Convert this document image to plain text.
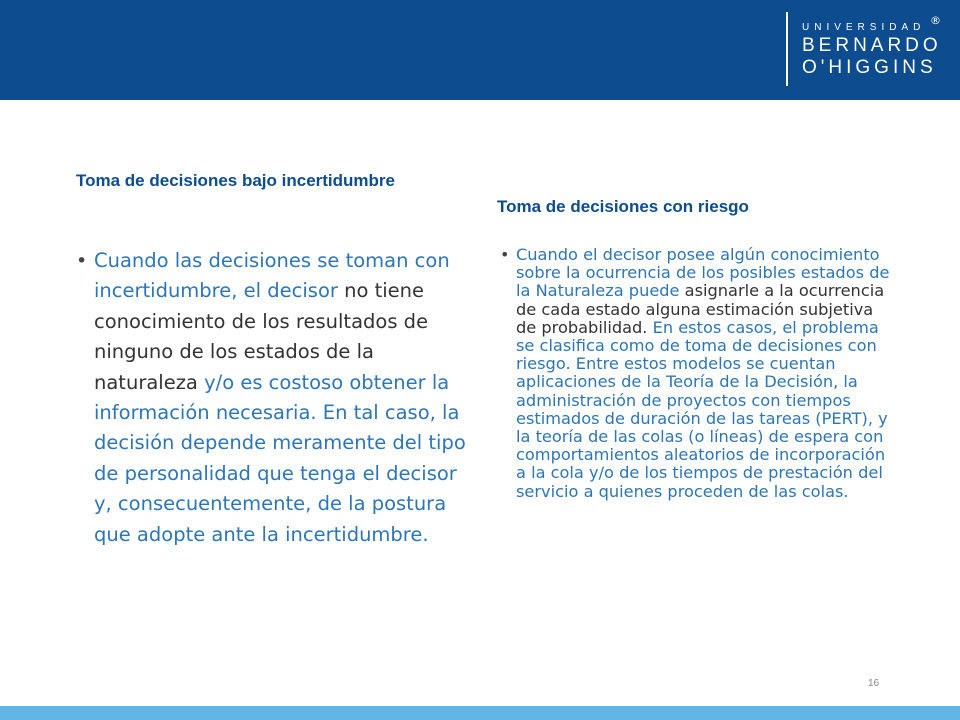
UNIVERSIDAD
BERNARDO
O'HIGGINS
®
Toma de decisiones bajo incertidumbre
Toma de decisiones con riesgo
• Cuando las decisiones se toman con incertidumbre, el decisor no tiene conocimiento de los resultados de ninguno de los estados de la naturaleza y/o es costoso obtener la información necesaria. En tal caso, la decisión depende meramente del tipo de personalidad que tenga el decisor y, consecuentemente, de la postura que adopte ante la incertidumbre.
• Cuando el decisor posee algún conocimiento sobre la ocurrencia de los posibles estados de la Naturaleza puede asignarle a la ocurrencia de cada estado alguna estimación subjetiva de probabilidad. En estos casos, el problema se clasifica como de toma de decisiones con riesgo. Entre estos modelos se cuentan aplicaciones de la Teoría de la Decisión, la administración de proyectos con tiempos estimados de duración de las tareas (PERT), y la teoría de las colas (o líneas) de espera con comportamientos aleatorios de incorporación a la cola y/o de los tiempos de prestación del servicio a quienes proceden de las colas.
16
